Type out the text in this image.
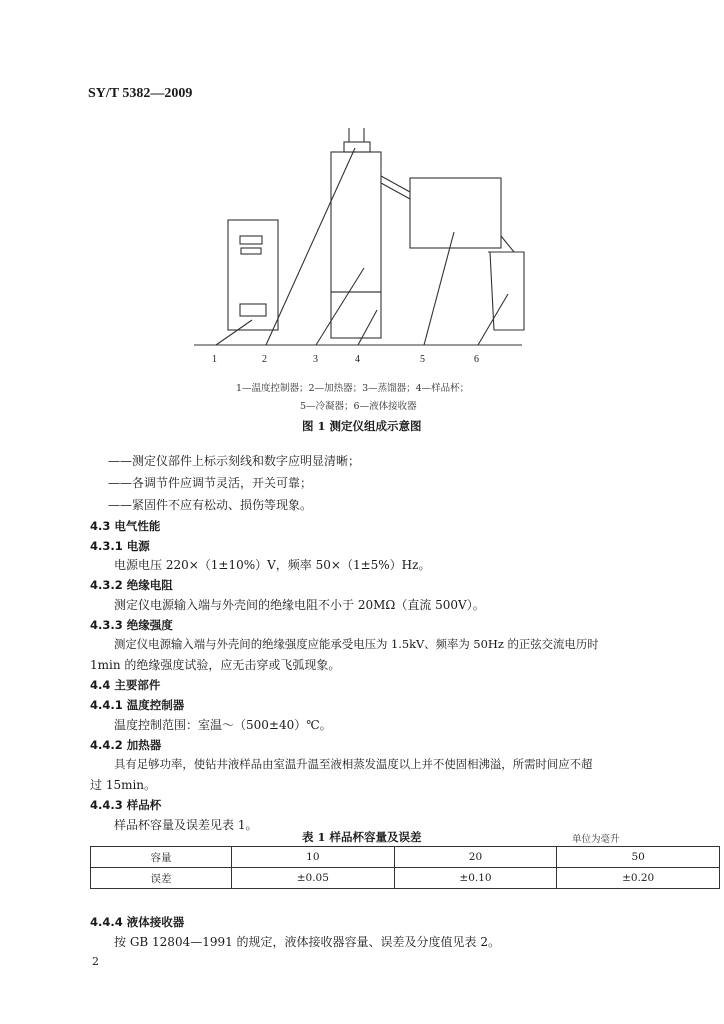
SY/T 5382—2009
1	2	3	4	5	6
1—温度控制器；2—加热器；3—蒸馏器；4—样品杯；
5—冷凝器；6—液体接收器
图 1 测定仪组成示意图
——测定仪部件上标示刻线和数字应明显清晰；
——各调节件应调节灵活，开关可靠；
——紧固件不应有松动、损伤等现象。
4.3 电气性能
4.3.1 电源
电源电压 220×（1±10%）V，频率 50×（1±5%）Hz。
4.3.2 绝缘电阻
测定仪电源输入端与外壳间的绝缘电阻不小于 20MΩ（直流 500V）。
4.3.3 绝缘强度
测定仪电源输入端与外壳间的绝缘强度应能承受电压为 1.5kV、频率为 50Hz 的正弦交流电历时
1min 的绝缘强度试验，应无击穿或飞弧现象。
4.4 主要部件
4.4.1 温度控制器
温度控制范围：室温～（500±40）℃。
4.4.2 加热器
具有足够功率，使钻井液样品由室温升温至液相蒸发温度以上并不使固相沸溢，所需时间应不超
过 15min。
4.4.3 样品杯
样品杯容量及误差见表 1。
表 1 样品杯容量及误差	单位为毫升
容量	10	20	50
误差	±0.05	±0.10	±0.20
4.4.4 液体接收器
按 GB 12804—1991 的规定，液体接收器容量、误差及分度值见表 2。
2
